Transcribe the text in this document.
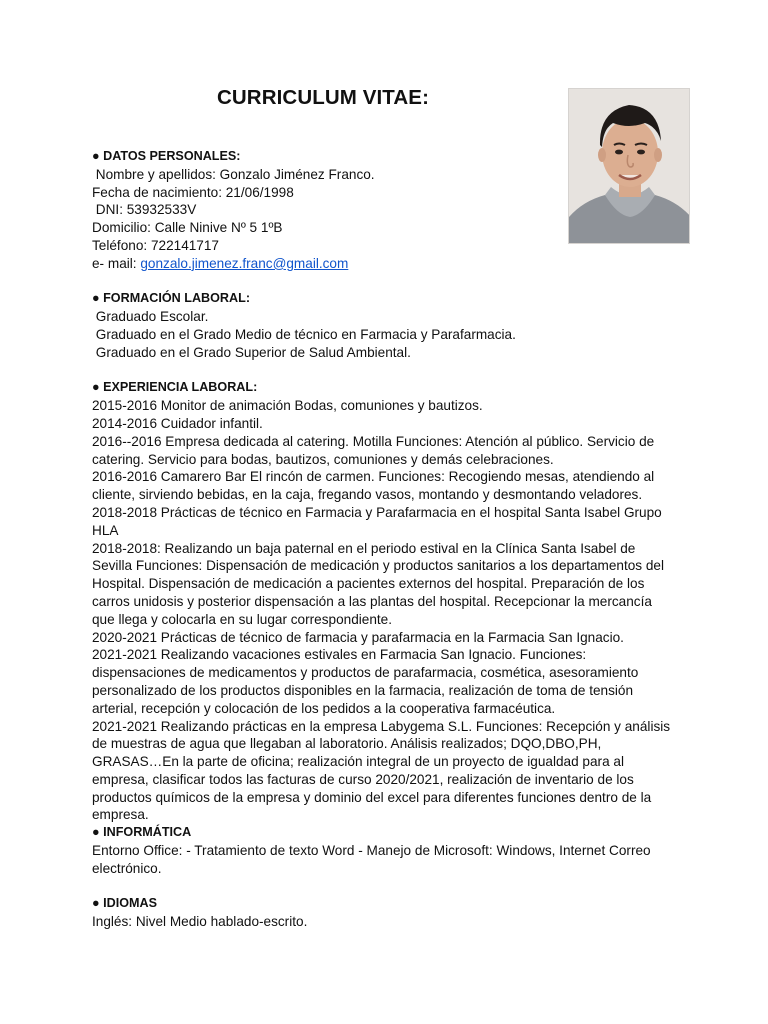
CURRICULUM VITAE:
● DATOS PERSONALES:
Nombre y apellidos: Gonzalo Jiménez Franco.
Fecha de nacimiento: 21/06/1998
DNI: 53932533V
Domicilio: Calle Ninive Nº 5 1ºB
Teléfono: 722141717
e- mail: gonzalo.jimenez.franc@gmail.com
● FORMACIÓN LABORAL:
Graduado Escolar.
Graduado en el Grado Medio de técnico en Farmacia y Parafarmacia.
Graduado en el Grado Superior de Salud Ambiental.
● EXPERIENCIA LABORAL:
2015-2016 Monitor de animación Bodas, comuniones y bautizos.
2014-2016 Cuidador infantil.
2016--2016 Empresa dedicada al catering. Motilla Funciones: Atención al público. Servicio de catering. Servicio para bodas, bautizos, comuniones y demás celebraciones.
2016-2016 Camarero Bar El rincón de carmen. Funciones: Recogiendo mesas, atendiendo al cliente, sirviendo bebidas, en la caja, fregando vasos, montando y desmontando veladores.
2018-2018 Prácticas de técnico en Farmacia y Parafarmacia en el hospital Santa Isabel Grupo HLA
2018-2018: Realizando un baja paternal en el periodo estival en la Clínica Santa Isabel de Sevilla Funciones: Dispensación de medicación y productos sanitarios a los departamentos del Hospital. Dispensación de medicación a pacientes externos del hospital. Preparación de los carros unidosis y posterior dispensación a las plantas del hospital. Recepcionar la mercancía que llega y colocarla en su lugar correspondiente.
2020-2021 Prácticas de técnico de farmacia y parafarmacia en la Farmacia San Ignacio.
2021-2021 Realizando vacaciones estivales en Farmacia San Ignacio. Funciones: dispensaciones de medicamentos y productos de parafarmacia, cosmética, asesoramiento personalizado de los productos disponibles en la farmacia, realización de toma de tensión arterial, recepción y colocación de los pedidos a la cooperativa farmacéutica.
2021-2021 Realizando prácticas en la empresa Labygema S.L. Funciones: Recepción y análisis de muestras de agua que llegaban al laboratorio. Análisis realizados; DQO,DBO,PH, GRASAS…En la parte de oficina; realización integral de un proyecto de igualdad para al empresa, clasificar todos las facturas de curso 2020/2021, realización de inventario de los productos químicos de la empresa y dominio del excel para diferentes funciones dentro de la empresa.
● INFORMÁTICA
Entorno Office: - Tratamiento de texto Word - Manejo de Microsoft: Windows, Internet Correo electrónico.
● IDIOMAS
Inglés: Nivel Medio hablado-escrito.
